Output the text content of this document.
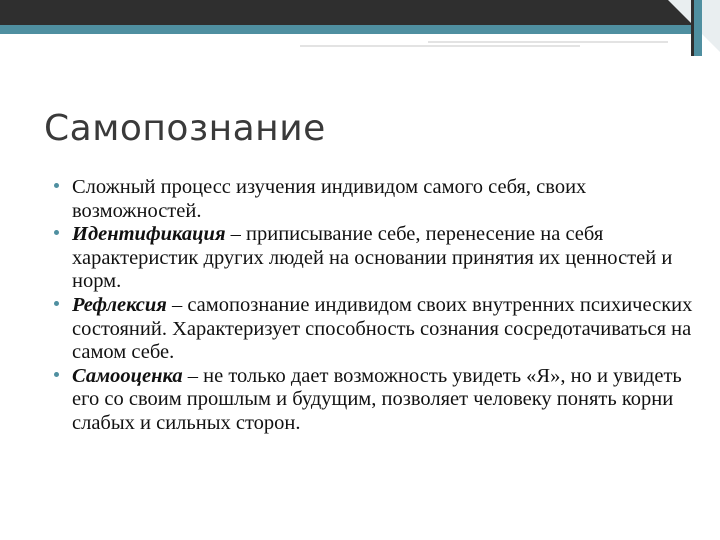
Самопознание
Сложный процесс изучения индивидом самого себя, своих возможностей.
Идентификация – приписывание себе, перенесение на себя характеристик других людей на основании принятия их ценностей и норм.
Рефлексия – самопознание индивидом своих внутренних психических состояний. Характеризует способность сознания сосредотачиваться на самом себе.
Самооценка – не только дает возможность увидеть «Я», но и увидеть его со своим прошлым и будущим, позволяет человеку понять корни слабых и сильных сторон.
